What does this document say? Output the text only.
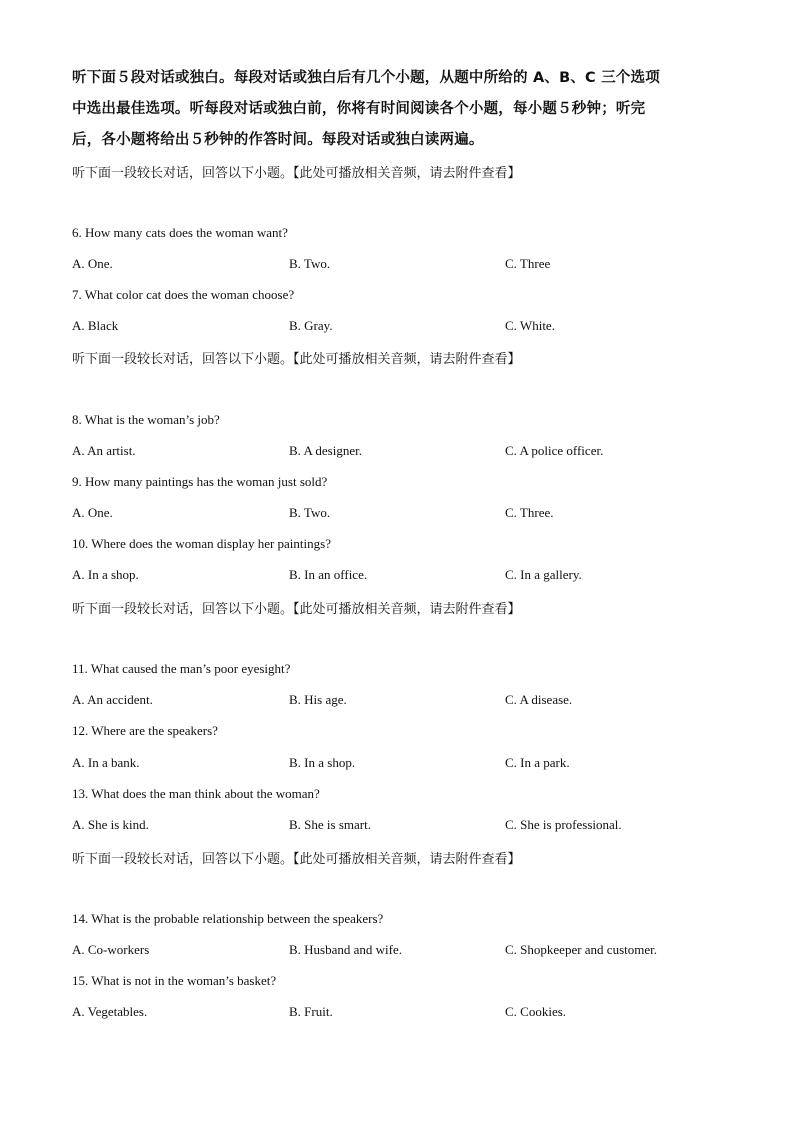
听下面５段对话或独白。每段对话或独白后有几个小题，从题中所给的 A、B、C 三个选项
中选出最佳选项。听每段对话或独白前，你将有时间阅读各个小题，每小题５秒钟；听完
后，各小题将给出５秒钟的作答时间。每段对话或独白读两遍。
听下面一段较长对话，回答以下小题。【此处可播放相关音频，请去附件查看】
6. How many cats does the woman want?
A. One.	B. Two.	C. Three
7. What color cat does the woman choose?
A. Black	B. Gray.	C. White.
听下面一段较长对话，回答以下小题。【此处可播放相关音频，请去附件查看】
8. What is the woman’s job?
A. An artist.	B. A designer.	C. A police officer.
9. How many paintings has the woman just sold?
A. One.	B. Two.	C. Three.
10. Where does the woman display her paintings?
A. In a shop.	B. In an office.	C. In a gallery.
听下面一段较长对话，回答以下小题。【此处可播放相关音频，请去附件查看】
11. What caused the man’s poor eyesight?
A. An accident.	B. His age.	C. A disease.
12. Where are the speakers?
A. In a bank.	B. In a shop.	C. In a park.
13. What does the man think about the woman?
A. She is kind.	B. She is smart.	C. She is professional.
听下面一段较长对话，回答以下小题。【此处可播放相关音频，请去附件查看】
14. What is the probable relationship between the speakers?
A. Co-workers	B. Husband and wife.	C. Shopkeeper and customer.
15. What is not in the woman’s basket?
A. Vegetables.	B. Fruit.	C. Cookies.
